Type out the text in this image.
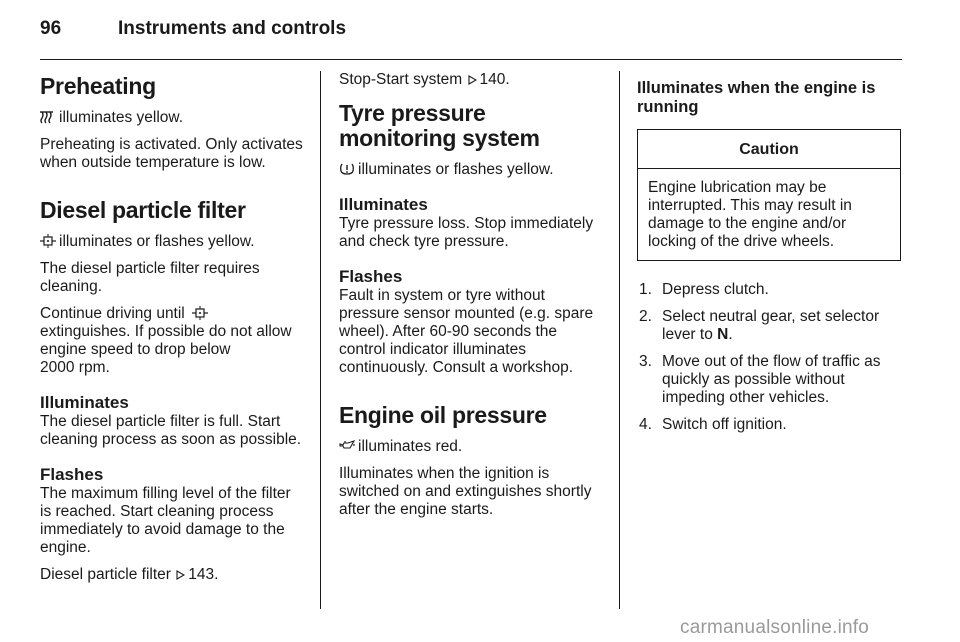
96	Instruments and controls
Preheating

illuminates yellow.

Preheating is activated. Only activates when outside temperature is low.

Diesel particle filter

illuminates or flashes yellow.

The diesel particle filter requires cleaning.

Continue driving until
extinguishes. If possible do not allow engine speed to drop below
2000 rpm.

Illuminates

The diesel particle filter is full. Start cleaning process as soon as possible.

Flashes

The maximum filling level of the filter is reached. Start cleaning process immediately to avoid damage to the engine.

Diesel particle filter 143.

Stop-Start system 140.

Tyre pressure monitoring system

illuminates or flashes yellow.

Illuminates

Tyre pressure loss. Stop immediately and check tyre pressure.

Flashes

Fault in system or tyre without pressure sensor mounted (e.g. spare wheel). After 60-90 seconds the control indicator illuminates continuously. Consult a workshop.

Engine oil pressure

illuminates red.

Illuminates when the ignition is switched on and extinguishes shortly after the engine starts.

Illuminates when the engine is running
Caution
Engine lubrication may be interrupted. This may result in damage to the engine and/or locking of the drive wheels.
1. Depress clutch.
2. Select neutral gear, set selector lever to N.
3. Move out of the flow of traffic as quickly as possible without impeding other vehicles.
4. Switch off ignition.
carmanualsonline.info
